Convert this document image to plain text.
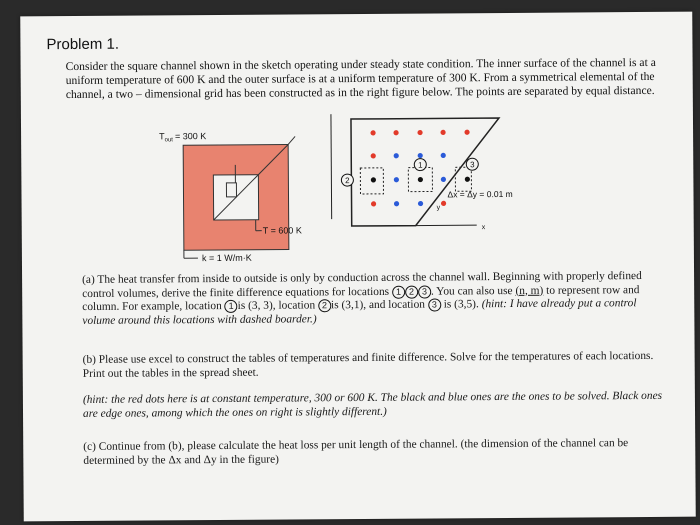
Problem 1.
Consider the square channel shown in the sketch operating under steady state condition. The inner surface of the channel is at a uniform temperature of 600 K and the outer surface is at a uniform temperature of 300 K. From a symmetrical elemental of the channel, a two – dimensional grid has been constructed as in the right figure below. The points are separated by equal distance.
$T_{out} = 300$ K
k = 1 W/m·K
T = 600 K
y
x
2
1	3
Δx = Δy = 0.01 m
(a) The heat transfer from inside to outside is only by conduction across the channel wall. Beginning with properly defined control volumes, derive the finite difference equations for locations 1 2 3 . You can also use (n, m) to represent row and column. For example, location 1 is (3, 3), location 2 is (3,1), and location 3 is (3,5). (hint: I have already put a control volume around this locations with dashed boarder.)
(b) Please use excel to construct the tables of temperatures and finite difference. Solve for the temperatures of each locations. Print out the tables in the spread sheet.
(hint: the red dots here is at constant temperature, 300 or 600 K. The black and blue ones are the ones to be solved. Black ones are edge ones, among which the ones on right is slightly different.)
(c) Continue from (b), please calculate the heat loss per unit length of the channel. (the dimension of the channel can be determined by the Δx and Δy in the figure)
